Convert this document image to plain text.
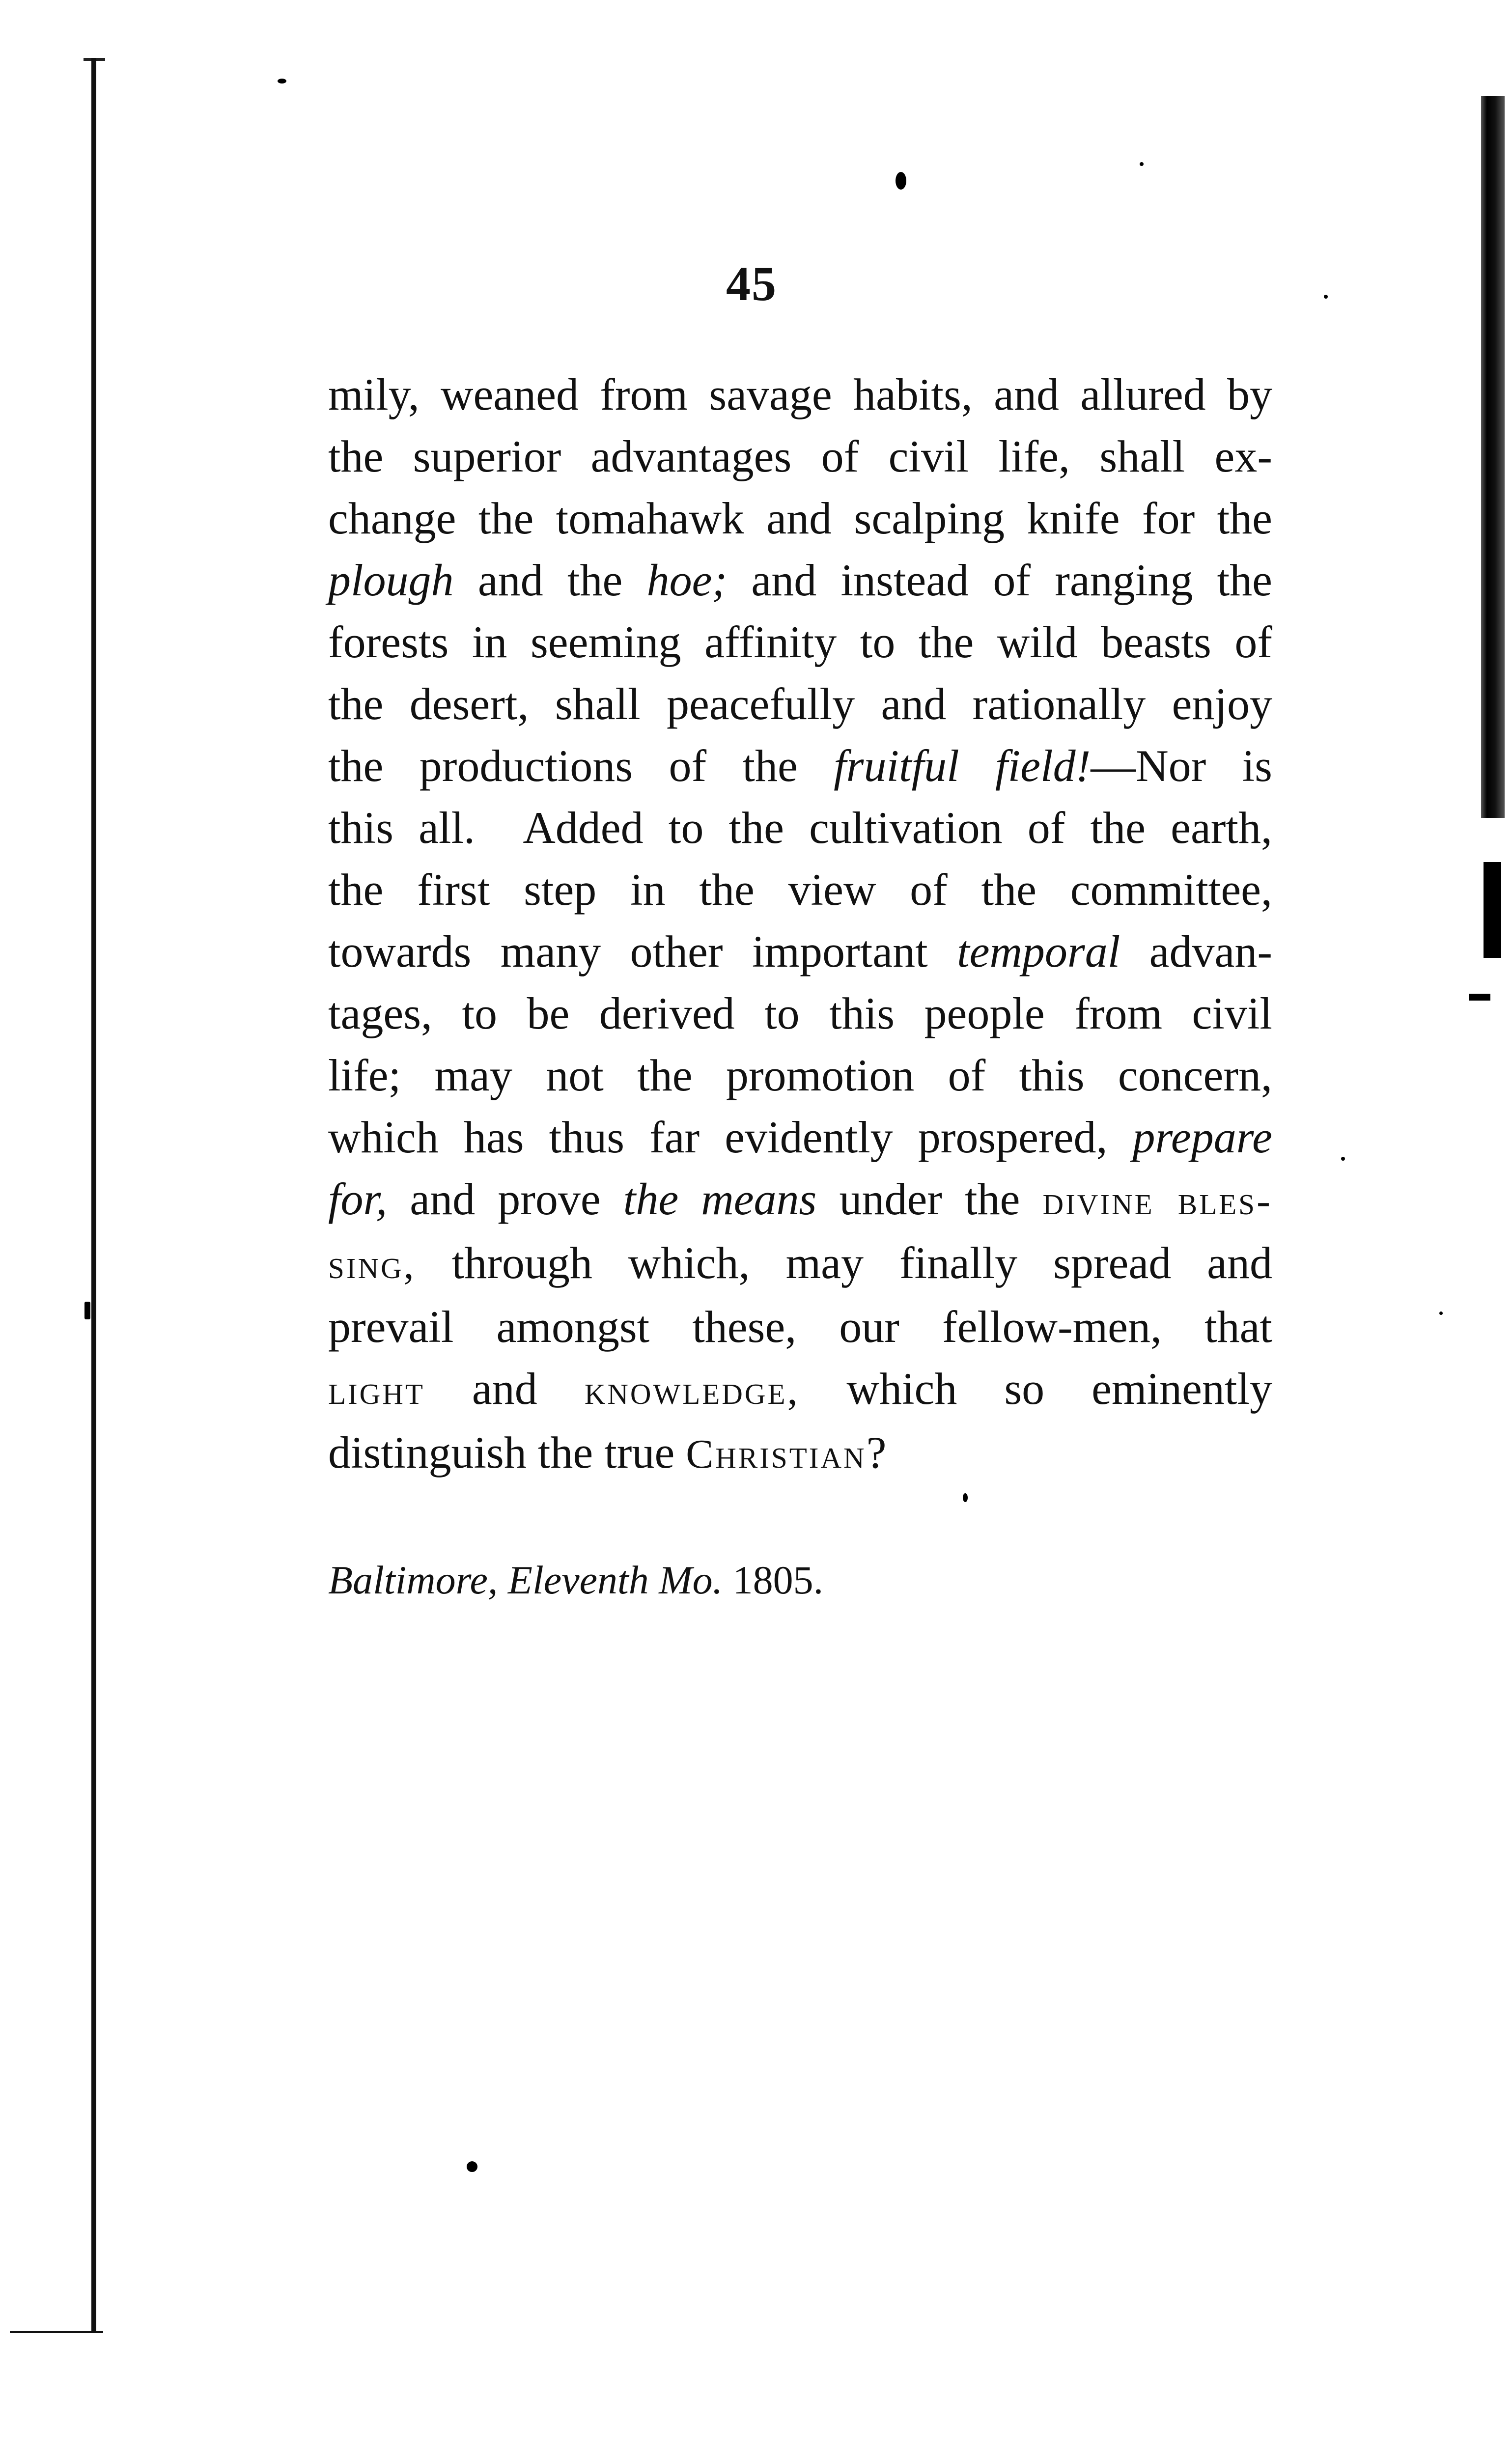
45
mily, weaned from savage habits, and allured by
the superior advantages of civil life, shall ex-
change the tomahawk and scalping knife for the
plough and the hoe; and instead of ranging the
forests in seeming affinity to the wild beasts of
the desert, shall peacefully and rationally enjoy
the productions of the fruitful field!—Nor is
this all.  Added to the cultivation of the earth,
the first step in the view of the committee,
towards many other important temporal advan-
tages, to be derived to this people from civil
life; may not the promotion of this concern,
which has thus far evidently prospered, prepare
for, and prove the means under the divine bles-
sing, through which, may finally spread and
prevail amongst these, our fellow-men, that
light and knowledge, which so eminently
distinguish the true Christian?
Baltimore, Eleventh Mo. 1805.
